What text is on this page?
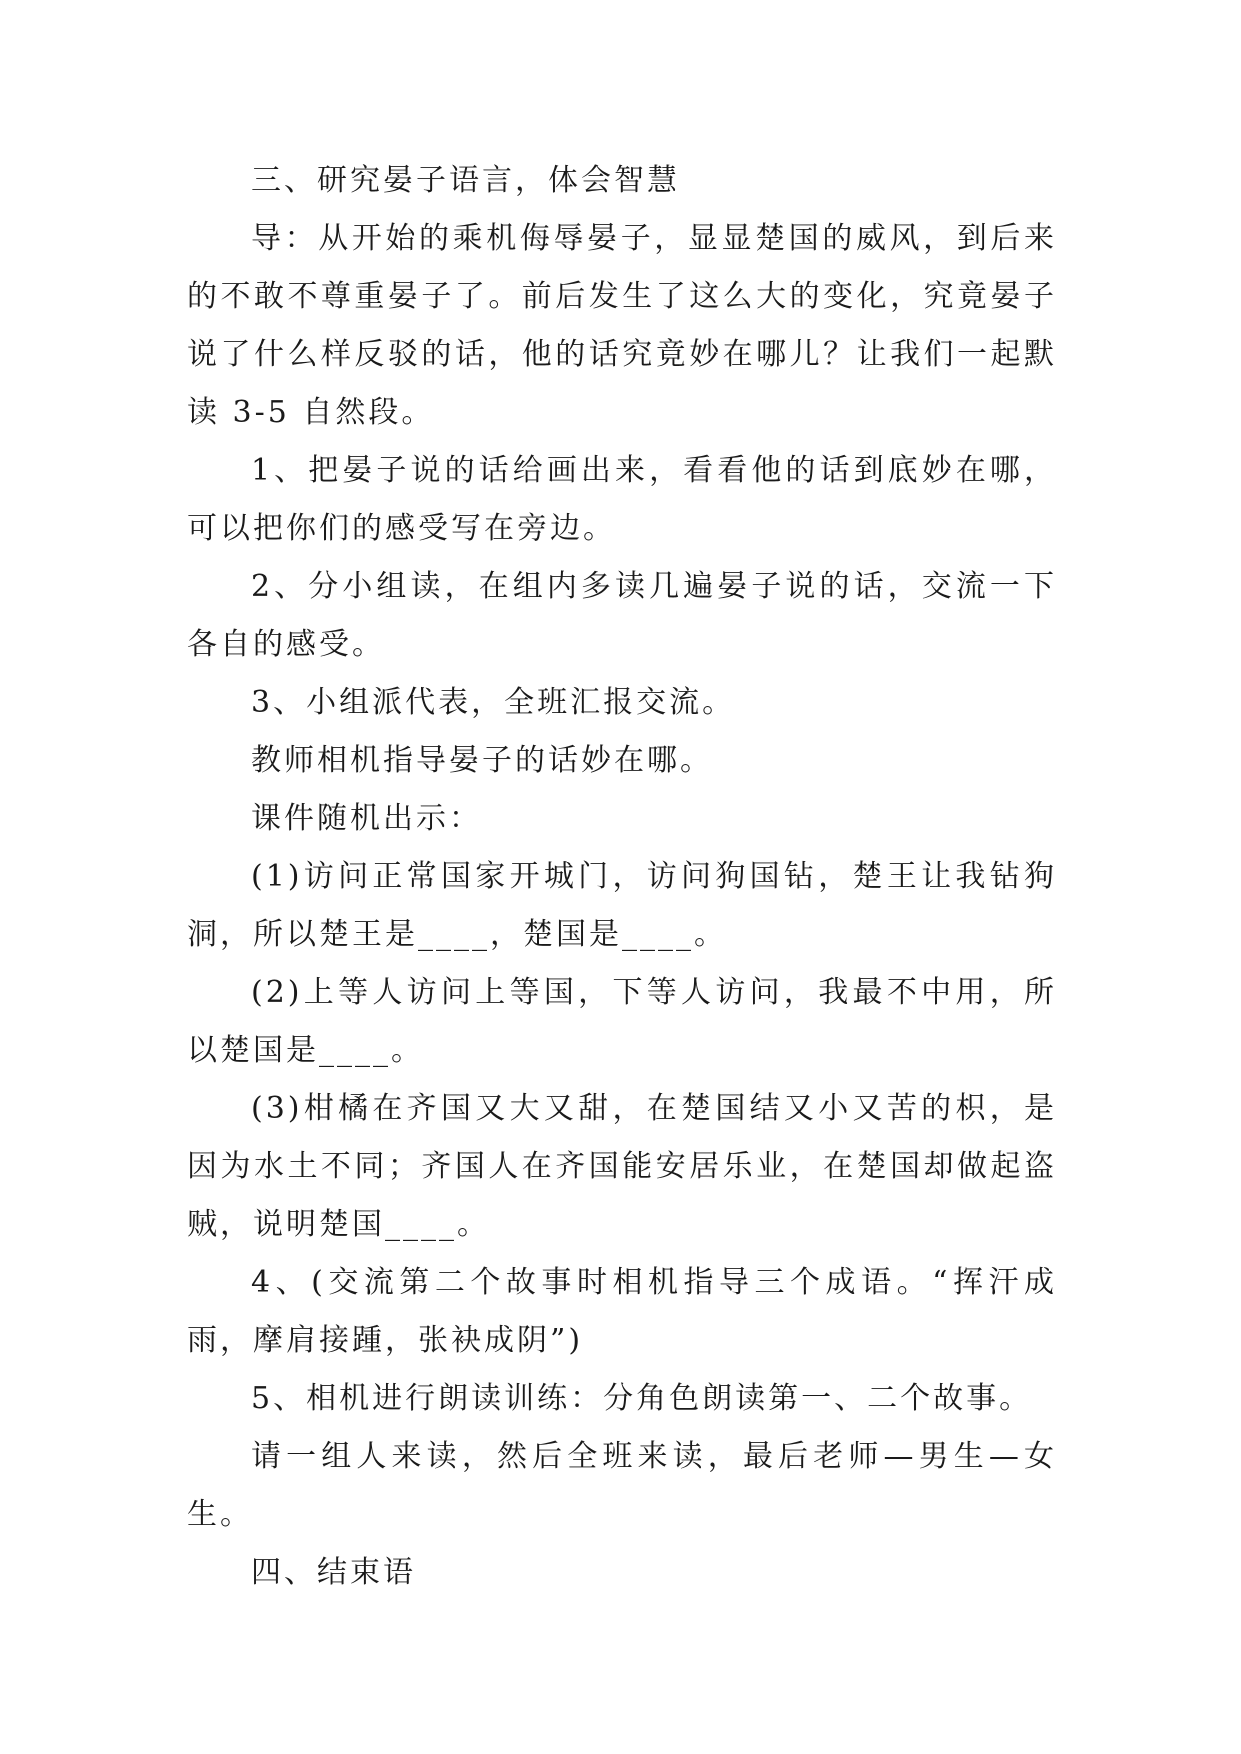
三、研究晏子语言，体会智慧

导：从开始的乘机侮辱晏子，显显楚国的威风，到后来的不敢不尊重晏子了。前后发生了这么大的变化，究竟晏子说了什么样反驳的话，他的话究竟妙在哪儿？让我们一起默读 3-5 自然段。

1、把晏子说的话给画出来，看看他的话到底妙在哪，可以把你们的感受写在旁边。

2、分小组读，在组内多读几遍晏子说的话，交流一下各自的感受。

3、小组派代表，全班汇报交流。

教师相机指导晏子的话妙在哪。

课件随机出示：

(1)访问正常国家开城门，访问狗国钻，楚王让我钻狗洞，所以楚王是____，楚国是____。

(2)上等人访问上等国，下等人访问，我最不中用，所以楚国是____。

(3)柑橘在齐国又大又甜，在楚国结又小又苦的枳，是因为水土不同；齐国人在齐国能安居乐业，在楚国却做起盗贼，说明楚国____。

4、(交流第二个故事时相机指导三个成语。“挥汗成雨，摩肩接踵，张袂成阴”)

5、相机进行朗读训练：分角色朗读第一、二个故事。

请一组人来读，然后全班来读，最后老师—男生—女生。

四、结束语
